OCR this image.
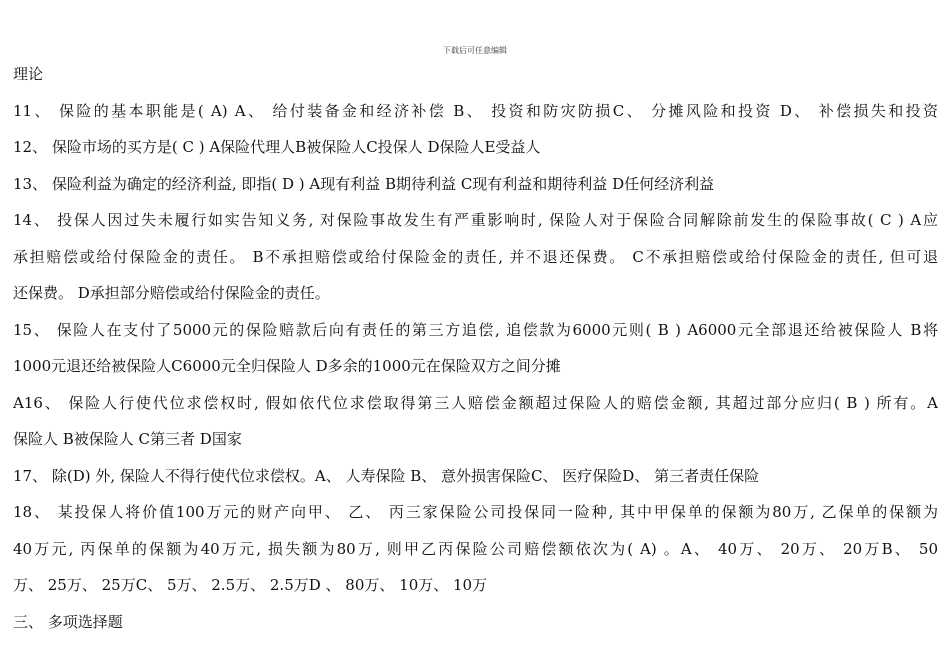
下载后可任意编辑
理论
11、 保险的基本职能是( A) A、 给付装备金和经济补偿 B、 投资和防灾防损C、 分摊风险和投资 D、 补偿损失和投资
12、 保险市场的买方是( C ) A保险代理人B被保险人C投保人 D保险人E受益人
13、 保险利益为确定的经济利益, 即指( D ) A现有利益 B期待利益 C现有利益和期待利益 D任何经济利益
14、 投保人因过失未履行如实告知义务, 对保险事故发生有严重影响时, 保险人对于保险合同解除前发生的保险事故( C ) A应
承担赔偿或给付保险金的责任。 B不承担赔偿或给付保险金的责任, 并不退还保费。 C不承担赔偿或给付保险金的责任, 但可退
还保费。 D承担部分赔偿或给付保险金的责任。
15、 保险人在支付了5000元的保险赔款后向有责任的第三方追偿, 追偿款为6000元则( B ) A6000元全部退还给被保险人 B将
1000元退还给被保险人C6000元全归保险人 D多余的1000元在保险双方之间分摊
A16、 保险人行使代位求偿权时, 假如依代位求偿取得第三人赔偿金额超过保险人的赔偿金额, 其超过部分应归( B ) 所有。A
保险人 B被保险人 C第三者 D国家
17、 除(D) 外, 保险人不得行使代位求偿权。A、 人寿保险 B、 意外损害保险C、 医疗保险D、 第三者责任保险
18、 某投保人将价值100万元的财产向甲、 乙、 丙三家保险公司投保同一险种, 其中甲保单的保额为80万, 乙保单的保额为
40万元, 丙保单的保额为40万元, 损失额为80万, 则甲乙丙保险公司赔偿额依次为( A) 。A、 40万、 20万、 20万B、 50
万、 25万、 25万C、 5万、 2.5万、 2.5万D 、 80万、 10万、 10万
三、 多项选择题
